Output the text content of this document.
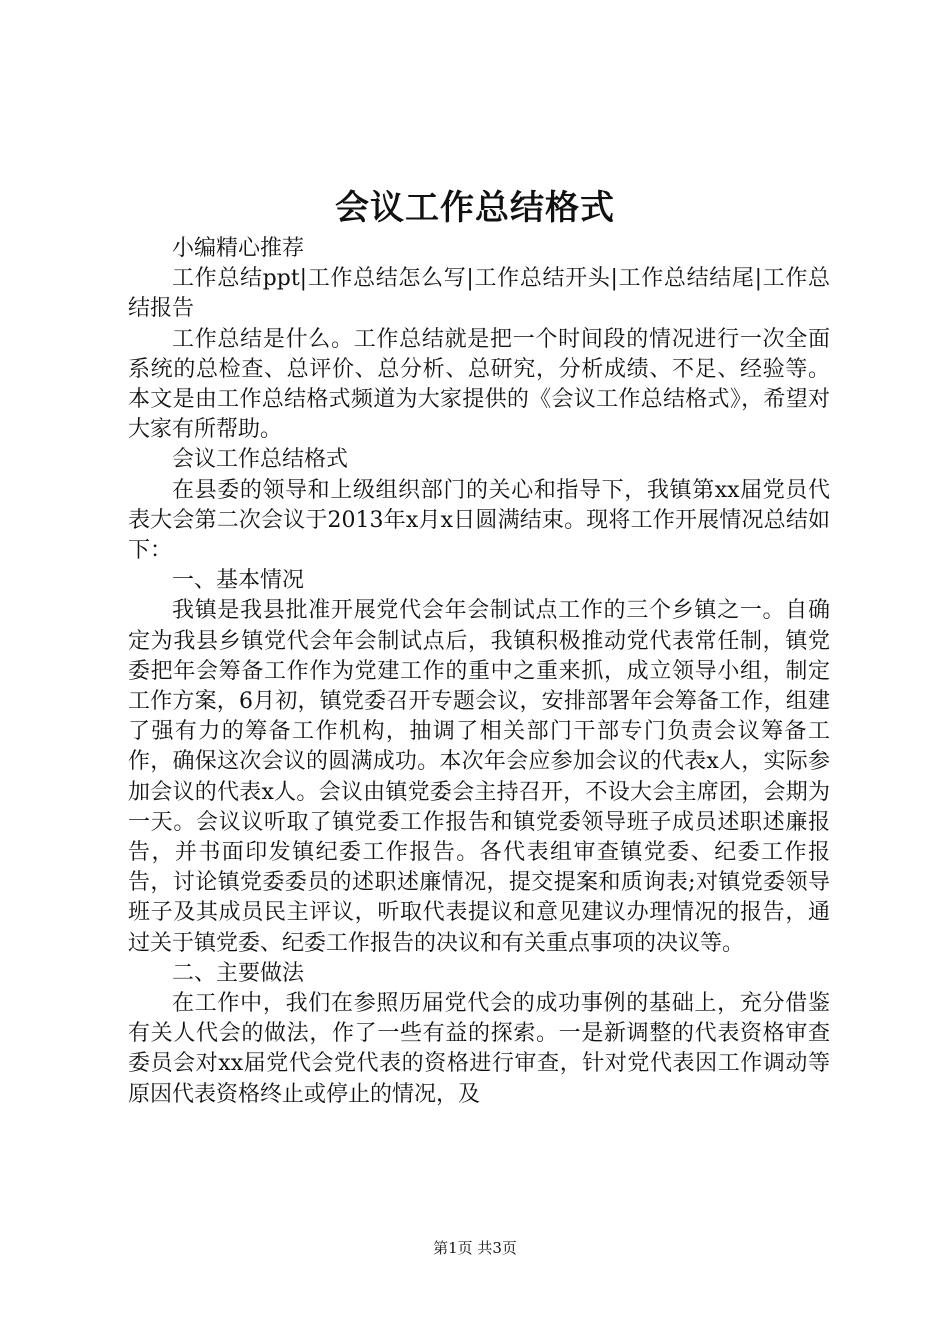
会议工作总结格式

小编精心推荐

工作总结ppt|工作总结怎么写|工作总结开头|工作总结结尾|工作总结报告

工作总结是什么。工作总结就是把一个时间段的情况进行一次全面系统的总检查、总评价、总分析、总研究，分析成绩、不足、经验等。本文是由工作总结格式频道为大家提供的《会议工作总结格式》，希望对大家有所帮助。

会议工作总结格式

在县委的领导和上级组织部门的关心和指导下，我镇第xx届党员代表大会第二次会议于2013年x月x日圆满结束。现将工作开展情况总结如下：

一、基本情况

我镇是我县批准开展党代会年会制试点工作的三个乡镇之一。自确定为我县乡镇党代会年会制试点后，我镇积极推动党代表常任制，镇党委把年会筹备工作作为党建工作的重中之重来抓，成立领导小组，制定工作方案，6月初，镇党委召开专题会议，安排部署年会筹备工作，组建了强有力的筹备工作机构，抽调了相关部门干部专门负责会议筹备工作，确保这次会议的圆满成功。本次年会应参加会议的代表x人，实际参加会议的代表x人。会议由镇党委会主持召开，不设大会主席团，会期为一天。会议议听取了镇党委工作报告和镇党委领导班子成员述职述廉报告，并书面印发镇纪委工作报告。各代表组审查镇党委、纪委工作报告，讨论镇党委委员的述职述廉情况，提交提案和质询表;对镇党委领导班子及其成员民主评议，听取代表提议和意见建议办理情况的报告，通过关于镇党委、纪委工作报告的决议和有关重点事项的决议等。

二、主要做法

在工作中，我们在参照历届党代会的成功事例的基础上，充分借鉴有关人代会的做法，作了一些有益的探索。一是新调整的代表资格审查委员会对xx届党代会党代表的资格进行审查，针对党代表因工作调动等原因代表资格终止或停止的情况，及

第1页 共3页
